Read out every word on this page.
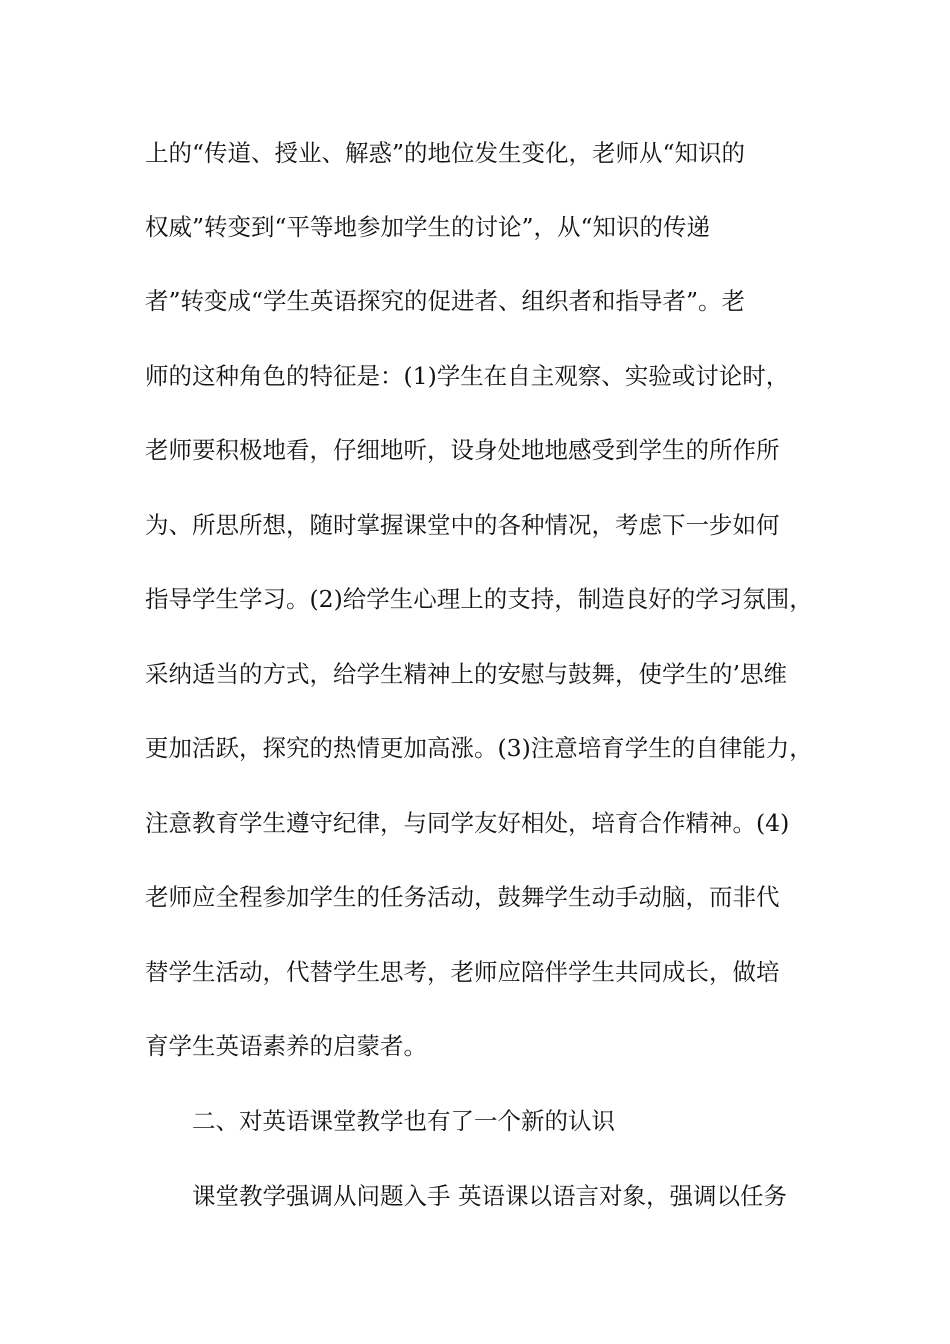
上的“传道、授业、解惑”的地位发生变化，老师从“知识的
权威”转变到“平等地参加学生的讨论”，从“知识的传递
者”转变成“学生英语探究的促进者、组织者和指导者”。老
师的这种角色的特征是：(1)学生在自主观察、实验或讨论时，
老师要积极地看，仔细地听，设身处地地感受到学生的所作所
为、所思所想，随时掌握课堂中的各种情况，考虑下一步如何
指导学生学习。(2)给学生心理上的支持，制造良好的学习氛围，
采纳适当的方式，给学生精神上的安慰与鼓舞，使学生的’思维
更加活跃，探究的热情更加高涨。(3)注意培育学生的自律能力，
注意教育学生遵守纪律，与同学友好相处，培育合作精神。(4)
老师应全程参加学生的任务活动，鼓舞学生动手动脑，而非代
替学生活动，代替学生思考，老师应陪伴学生共同成长，做培
育学生英语素养的启蒙者。
二、对英语课堂教学也有了一个新的认识
课堂教学强调从问题入手 英语课以语言对象，强调以任务
